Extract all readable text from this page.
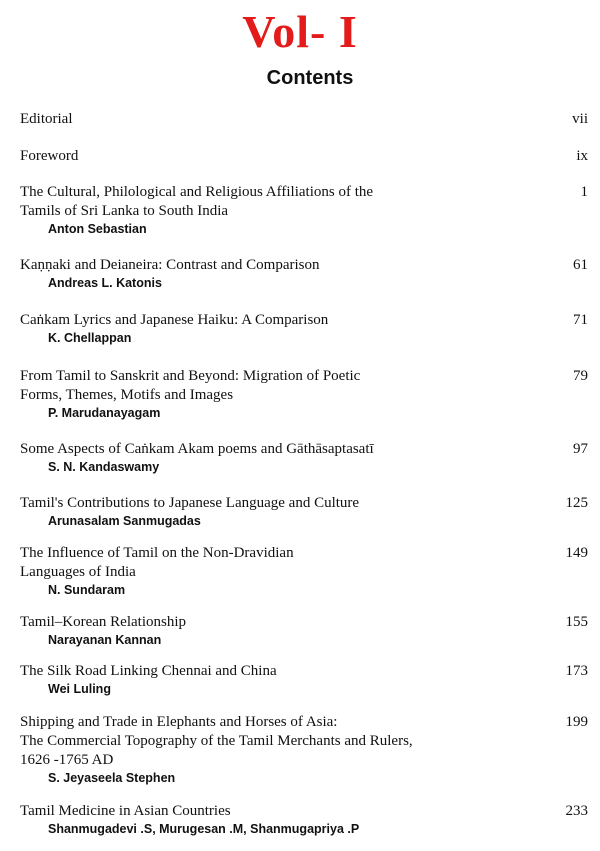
Vol- I
Contents
Editorial	vii
Foreword	ix
The Cultural, Philological and Religious Affiliations of the
Tamils of Sri Lanka to South India
Anton Sebastian
1
Kaṇṇaki and Deianeira: Contrast and Comparison
Andreas L. Katonis
61
Caṅkam Lyrics and Japanese Haiku: A Comparison
K. Chellappan
71
From Tamil to Sanskrit and Beyond: Migration of Poetic
Forms, Themes, Motifs and Images
P. Marudanayagam
79
Some Aspects of Caṅkam Akam poems and Gāthāsaptasatī
S. N. Kandaswamy
97
Tamil's Contributions to Japanese Language and Culture
Arunasalam Sanmugadas
125
The Influence of Tamil on the Non-Dravidian
Languages of India
N. Sundaram
149
Tamil–Korean Relationship
Narayanan Kannan
155
The Silk Road Linking Chennai and China
Wei Luling
173
Shipping and Trade in Elephants and Horses of Asia:
The Commercial Topography of the Tamil Merchants and Rulers,
1626 -1765 AD
S. Jeyaseela Stephen
199
Tamil Medicine in Asian Countries
Shanmugadevi .S, Murugesan .M, Shanmugapriya .P
233
